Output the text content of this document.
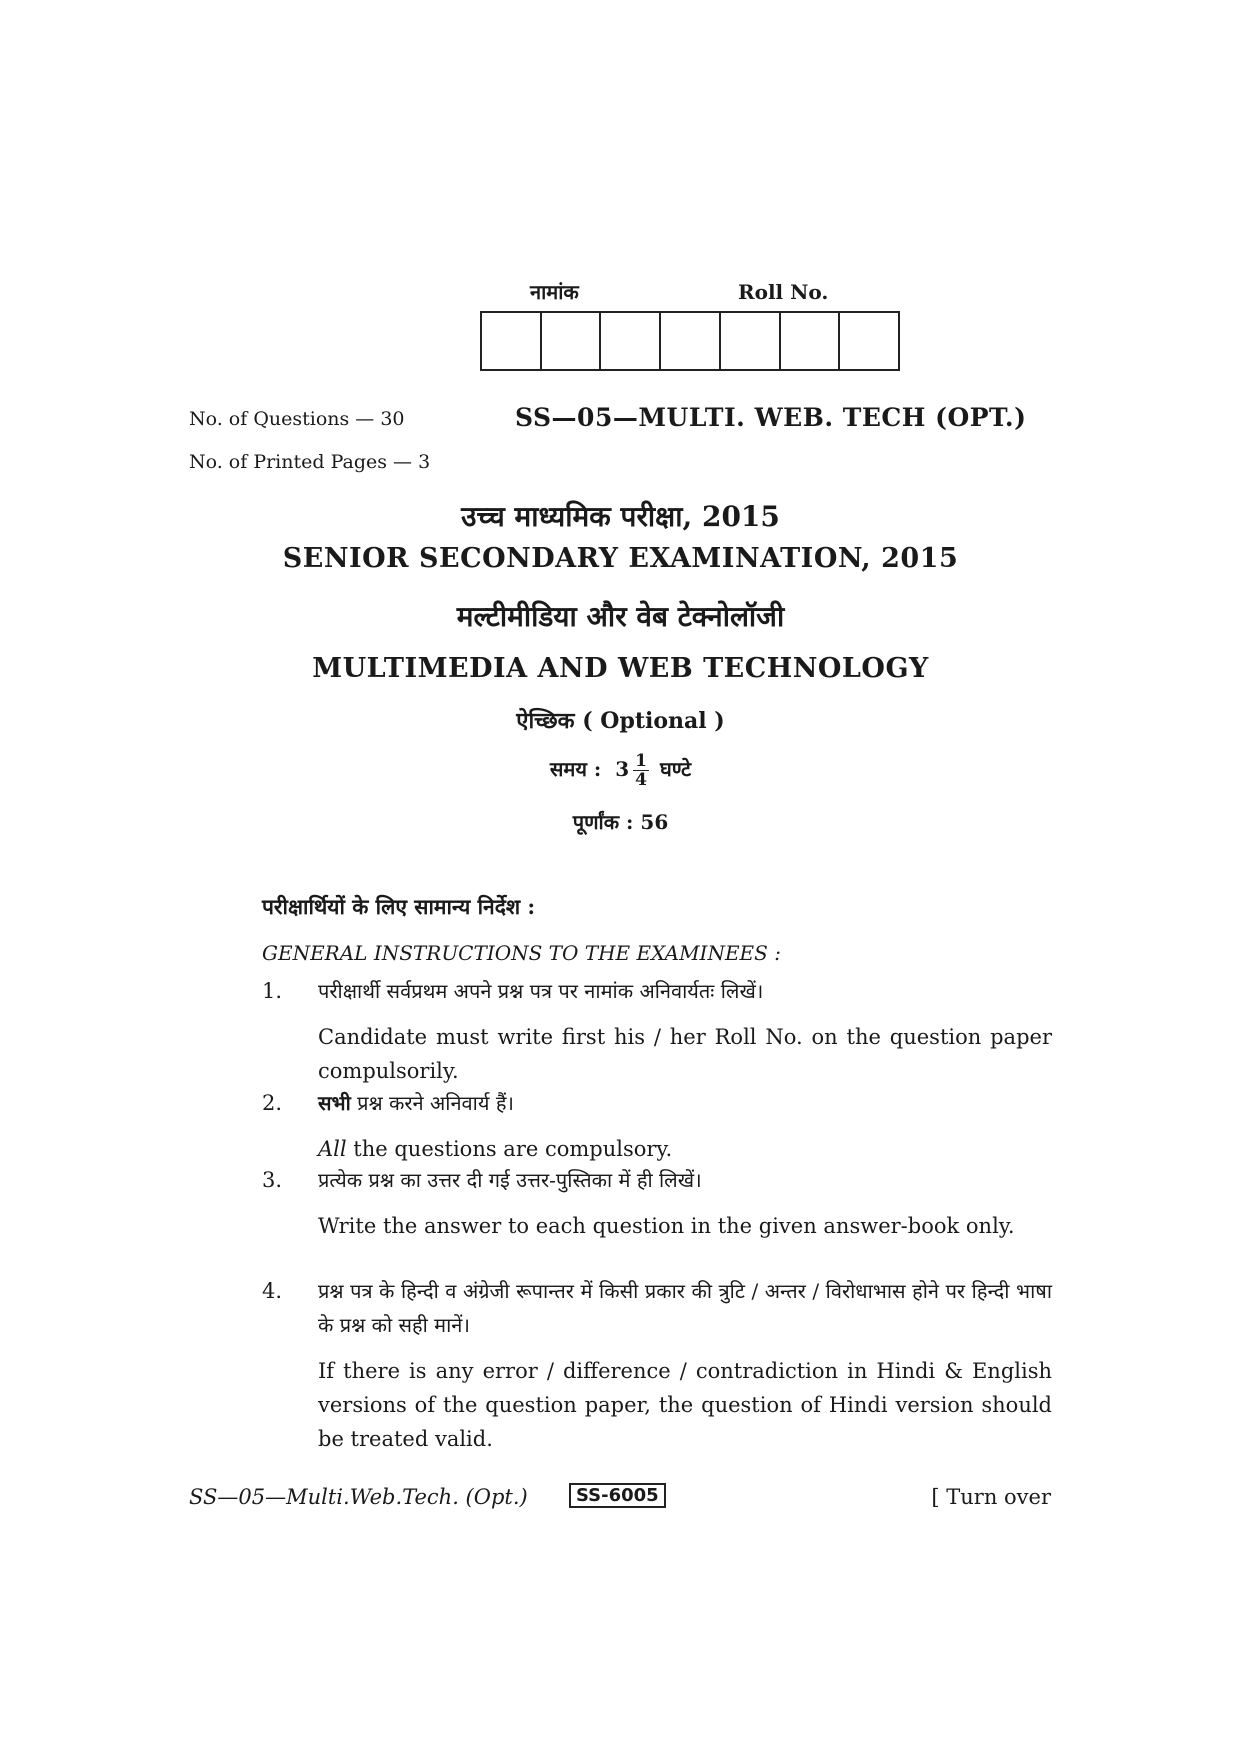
नामांक	Roll No.
No. of Questions — 30
No. of Printed Pages — 3
SS—05—MULTI. WEB. TECH (OPT.)
उच्च माध्यमिक परीक्षा, 2015
SENIOR SECONDARY EXAMINATION, 2015
मल्टीमीडिया और वेब टेक्नोलॉजी
MULTIMEDIA AND WEB TECHNOLOGY
ऐच्छिक ( Optional )
समय : $3 \frac{1}{4}$ घण्टे
पूर्णांक : 56
परीक्षार्थियों के लिए सामान्य निर्देश :
GENERAL INSTRUCTIONS TO THE EXAMINEES :
1. परीक्षार्थी सर्वप्रथम अपने प्रश्न पत्र पर नामांक अनिवार्यतः लिखें।

Candidate must write first his / her Roll No. on the question paper compulsorily.

2. सभी प्रश्न करने अनिवार्य हैं।

All the questions are compulsory.

3. प्रत्येक प्रश्न का उत्तर दी गई उत्तर-पुस्तिका में ही लिखें।

Write the answer to each question in the given answer-book only.

4. प्रश्न पत्र के हिन्दी व अंग्रेजी रूपान्तर में किसी प्रकार की त्रुटि / अन्तर / विरोधाभास होने पर हिन्दी भाषा के प्रश्न को सही मानें।

If there is any error / difference / contradiction in Hindi & English versions of the question paper, the question of Hindi version should be treated valid.

SS—05—Multi.Web.Tech. (Opt.)	SS-6005	[ Turn over
